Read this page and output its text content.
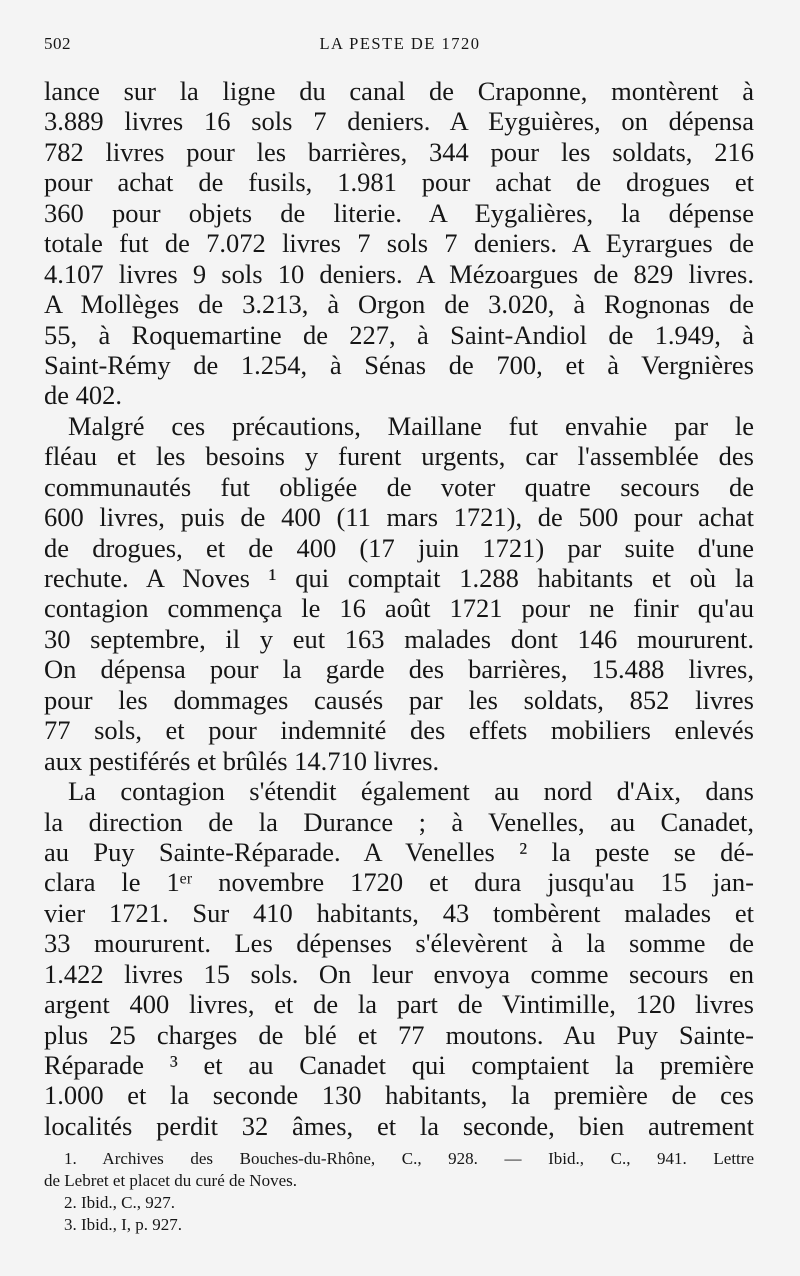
502	LA PESTE DE 1720
lance sur la ligne du canal de Craponne, montèrent à
3.889 livres 16 sols 7 deniers. A Eyguières, on dépensa
782 livres pour les barrières, 344 pour les soldats, 216
pour achat de fusils, 1.981 pour achat de drogues et
360 pour objets de literie. A Eygalières, la dépense
totale fut de 7.072 livres 7 sols 7 deniers. A Eyrargues de
4.107 livres 9 sols 10 deniers. A Mézoargues de 829 livres.
A Mollèges de 3.213, à Orgon de 3.020, à Rognonas de
55, à Roquemartine de 227, à Saint-Andiol de 1.949, à
Saint-Rémy de 1.254, à Sénas de 700, et à Vergnières
de 402.
Malgré ces précautions, Maillane fut envahie par le
fléau et les besoins y furent urgents, car l'assemblée des
communautés fut obligée de voter quatre secours de
600 livres, puis de 400 (11 mars 1721), de 500 pour achat
de drogues, et de 400 (17 juin 1721) par suite d'une
rechute. A Noves ¹ qui comptait 1.288 habitants et où la
contagion commença le 16 août 1721 pour ne finir qu'au
30 septembre, il y eut 163 malades dont 146 moururent.
On dépensa pour la garde des barrières, 15.488 livres,
pour les dommages causés par les soldats, 852 livres
77 sols, et pour indemnité des effets mobiliers enlevés
aux pestiférés et brûlés 14.710 livres.
La contagion s'étendit également au nord d'Aix, dans
la direction de la Durance ; à Venelles, au Canadet,
au Puy Sainte-Réparade. A Venelles ² la peste se dé-
clara le 1ᵉʳ novembre 1720 et dura jusqu'au 15 jan-
vier 1721. Sur 410 habitants, 43 tombèrent malades et
33 moururent. Les dépenses s'élevèrent à la somme de
1.422 livres 15 sols. On leur envoya comme secours en
argent 400 livres, et de la part de Vintimille, 120 livres
plus 25 charges de blé et 77 moutons. Au Puy Sainte-
Réparade ³ et au Canadet qui comptaient la première
1.000 et la seconde 130 habitants, la première de ces
localités perdit 32 âmes, et la seconde, bien autrement
1. Archives des Bouches-du-Rhône, C., 928. — Ibid., C., 941. Lettre
de Lebret et placet du curé de Noves.
2. Ibid., C., 927.
3. Ibid., I, p. 927.
